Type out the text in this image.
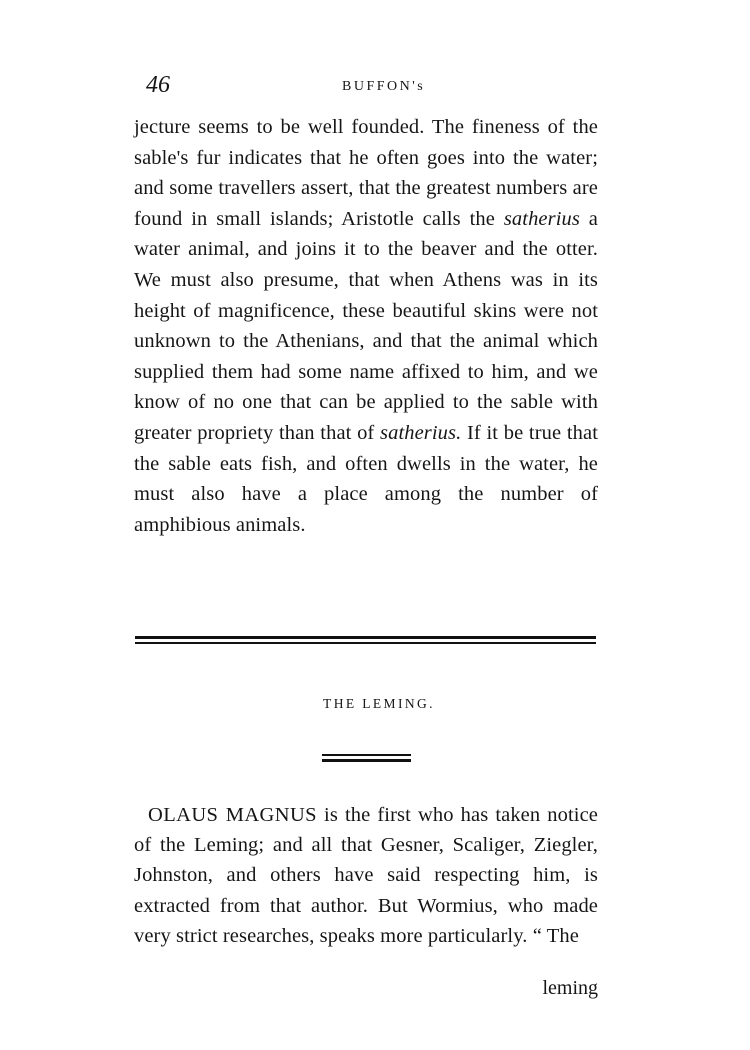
46	BUFFON's

jecture seems to be well founded. The fineness of the sable's fur indicates that he often goes into the water; and some travellers assert, that the greatest numbers are found in small islands; Aristotle calls the satherius a water animal, and joins it to the beaver and the otter. We must also presume, that when Athens was in its height of magnificence, these beautiful skins were not unknown to the Athenians, and that the animal which supplied them had some name affixed to him, and we know of no one that can be applied to the sable with greater propriety than that of satherius. If it be true that the sable eats fish, and often dwells in the water, he must also have a place among the number of amphibious animals.

THE LEMING.

OLAUS MAGNUS is the first who has taken notice of the Leming; and all that Gesner, Scaliger, Ziegler, Johnston, and others have said respecting him, is extracted from that author. But Wormius, who made very strict researches, speaks more particularly. “ The

leming
